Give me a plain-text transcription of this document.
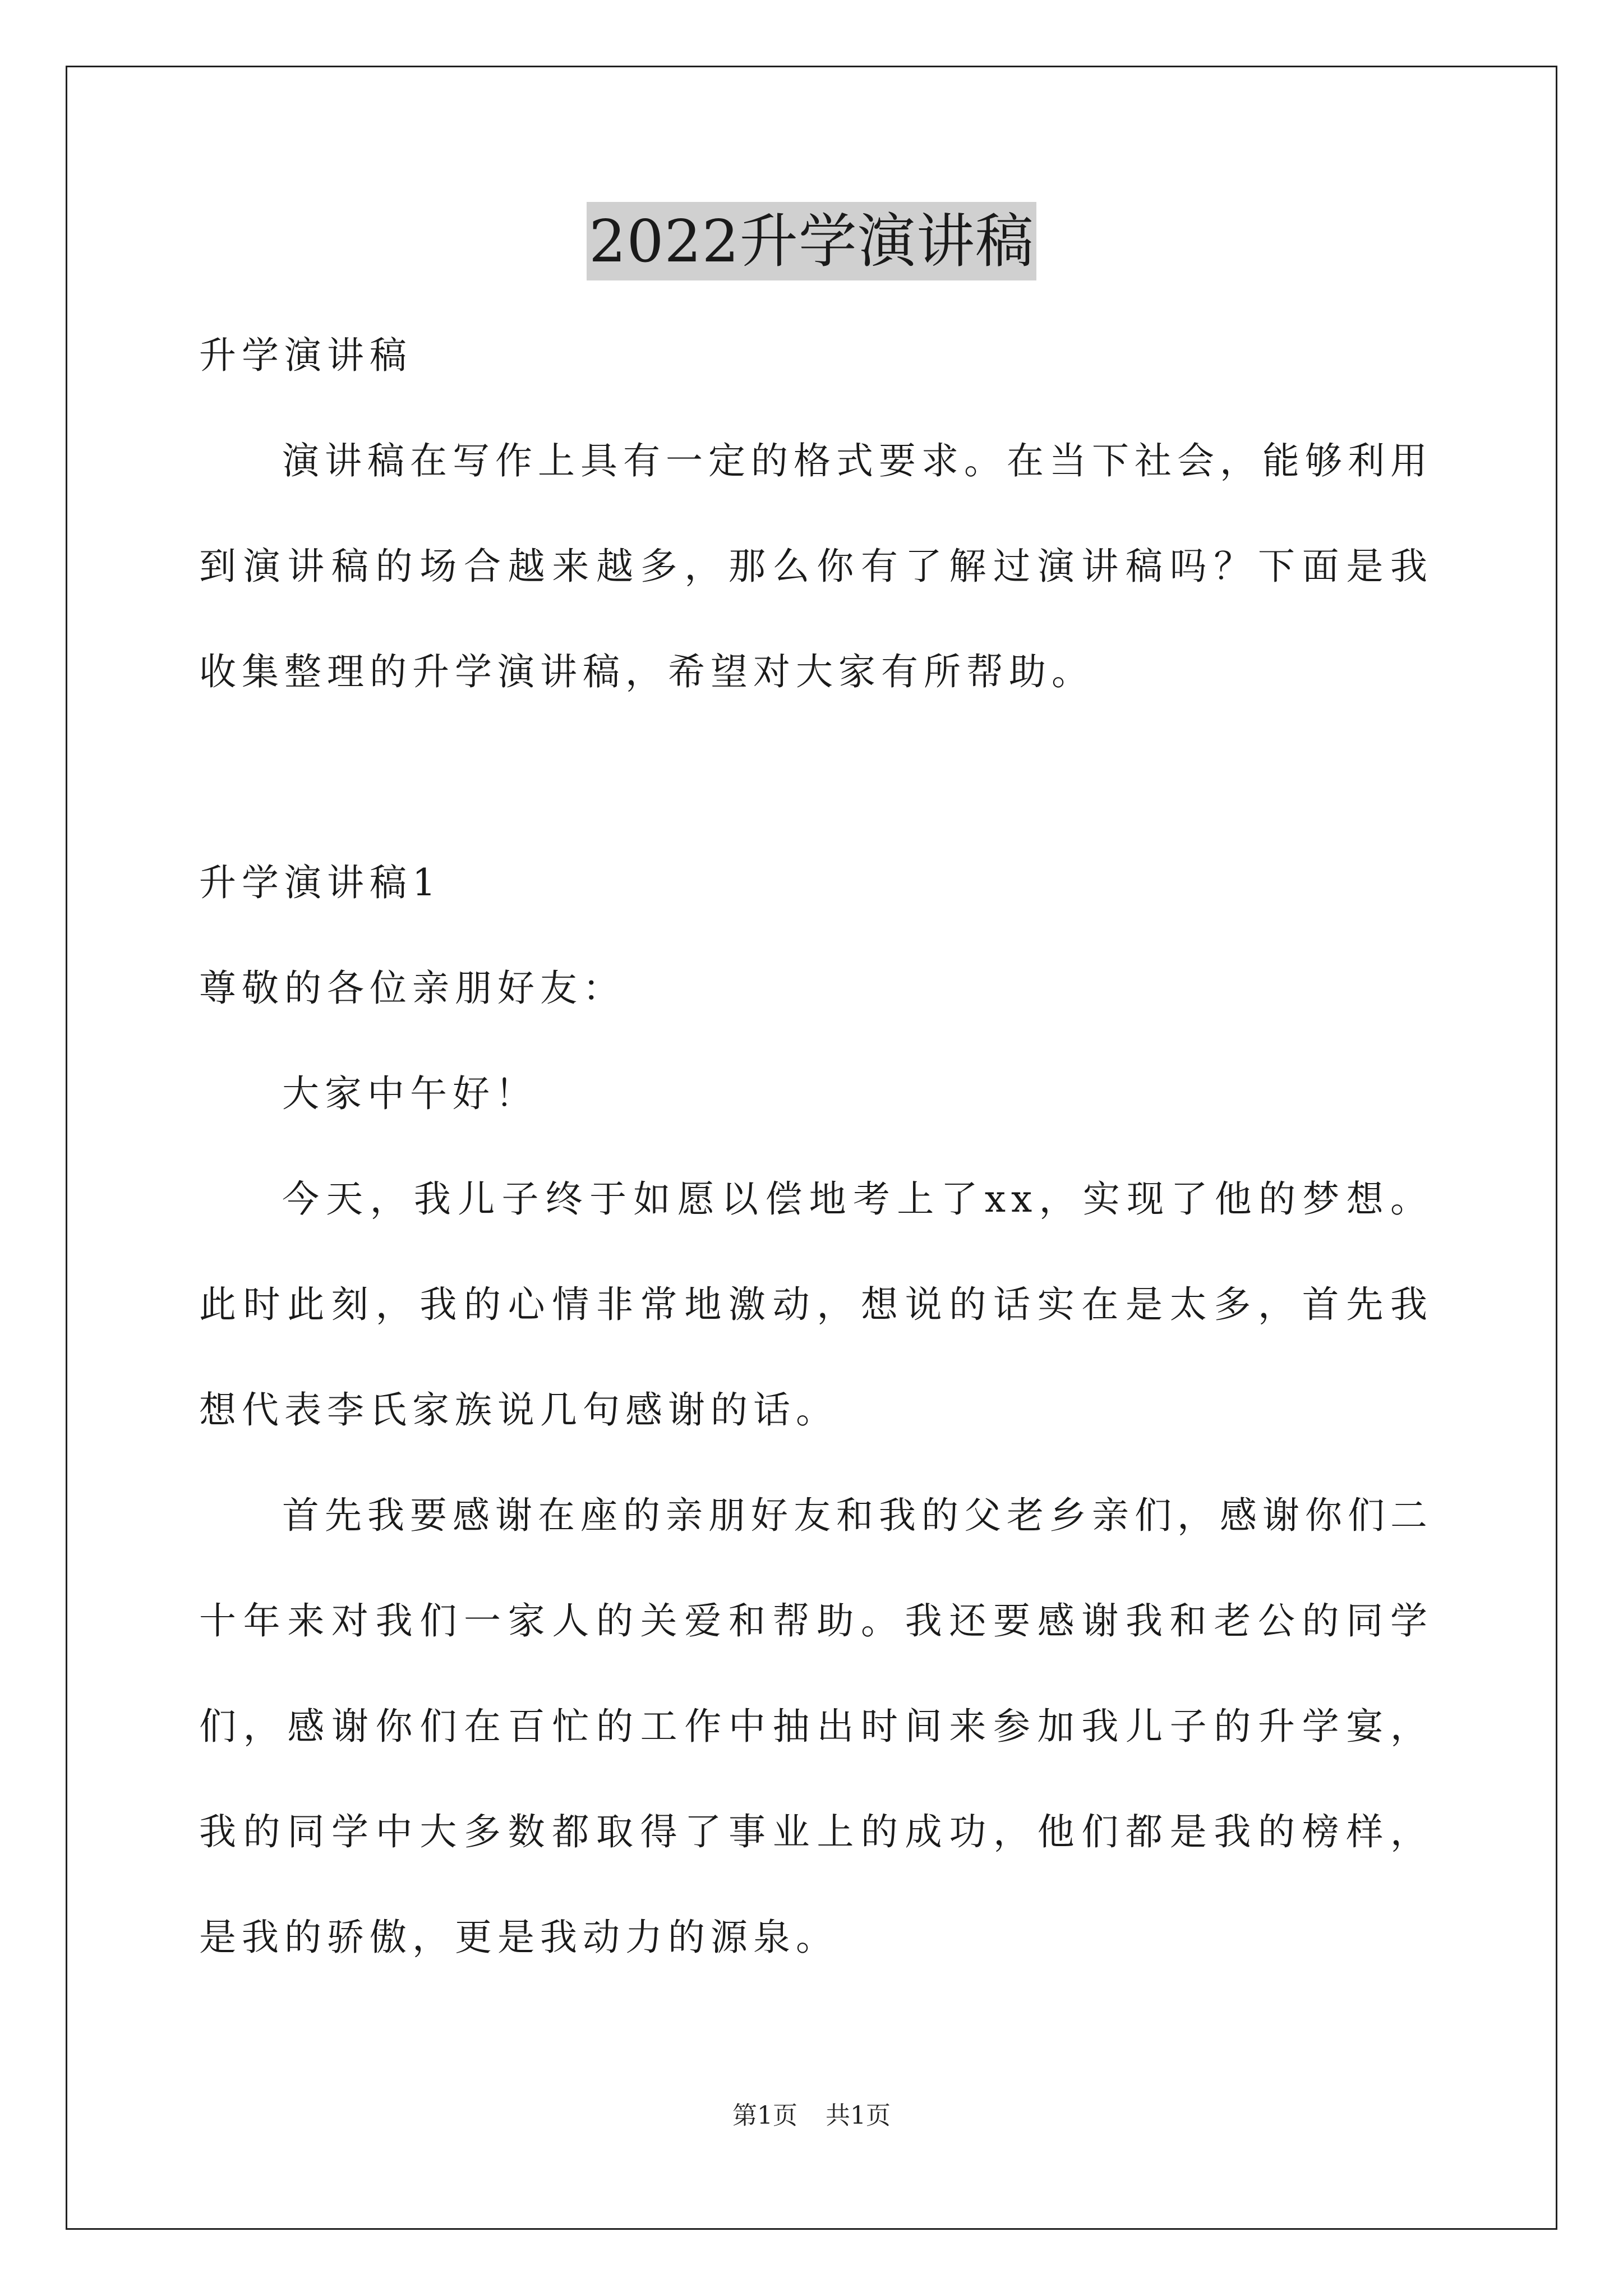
2022升学演讲稿

升学演讲稿

演讲稿在写作上具有一定的格式要求。在当下社会，能够利用到演讲稿的场合越来越多，那么你有了解过演讲稿吗？下面是我收集整理的升学演讲稿，希望对大家有所帮助。

升学演讲稿1

尊敬的各位亲朋好友：

大家中午好！

今天，我儿子终于如愿以偿地考上了xx，实现了他的梦想。此时此刻，我的心情非常地激动，想说的话实在是太多，首先我想代表李氏家族说几句感谢的话。

首先我要感谢在座的亲朋好友和我的父老乡亲们，感谢你们二十年来对我们一家人的关爱和帮助。我还要感谢我和老公的同学们，感谢你们在百忙的工作中抽出时间来参加我儿子的升学宴，我的同学中大多数都取得了事业上的成功，他们都是我的榜样，是我的骄傲，更是我动力的源泉。

第1页 共1页
